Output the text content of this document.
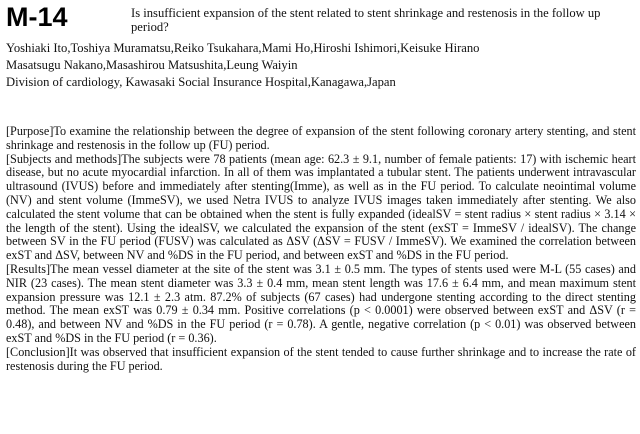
M-14	Is insufficient expansion of the stent related to stent shrinkage and restenosis in the follow up period?
Yoshiaki Ito,Toshiya Muramatsu,Reiko Tsukahara,Mami Ho,Hiroshi Ishimori,Keisuke Hirano
Masatsugu Nakano,Masashirou Matsushita,Leung Waiyin
Division of cardiology, Kawasaki Social Insurance Hospital,Kanagawa,Japan

[Purpose]To examine the relationship between the degree of expansion of the stent following coronary artery stenting, and stent shrinkage and restenosis in the follow up (FU) period.

[Subjects and methods]The subjects were 78 patients (mean age: 62.3 ± 9.1, number of female patients: 17) with ischemic heart disease, but no acute myocardial infarction. In all of them was implantated a tubular stent. The patients underwent intravascular ultrasound (IVUS) before and immediately after stenting(Imme), as well as in the FU period. To calculate neointimal volume (NV) and stent volume (ImmeSV), we used Netra IVUS to analyze IVUS images taken immediately after stenting. We also calculated the stent volume that can be obtained when the stent is fully expanded (idealSV = stent radius × stent radius × 3.14 × the length of the stent). Using the idealSV, we calculated the expansion of the stent (exST = ImmeSV / idealSV). The change between SV in the FU period (FUSV) was calculated as ΔSV (ΔSV = FUSV / ImmeSV). We examined the correlation between exST and ΔSV, between NV and %DS in the FU period, and between exST and %DS in the FU period.

[Results]The mean vessel diameter at the site of the stent was 3.1 ± 0.5 mm. The types of stents used were M-L (55 cases) and NIR (23 cases). The mean stent diameter was 3.3 ± 0.4 mm, mean stent length was 17.6 ± 6.4 mm, and mean maximum stent expansion pressure was 12.1 ± 2.3 atm. 87.2% of subjects (67 cases) had undergone stenting according to the direct stenting method. The mean exST was 0.79 ± 0.34 mm. Positive correlations (p < 0.0001) were observed between exST and ΔSV (r = 0.48), and between NV and %DS in the FU period (r = 0.78). A gentle, negative correlation (p < 0.01) was observed between exST and %DS in the FU period (r = 0.36).

[Conclusion]It was observed that insufficient expansion of the stent tended to cause further shrinkage and to increase the rate of restenosis during the FU period.
